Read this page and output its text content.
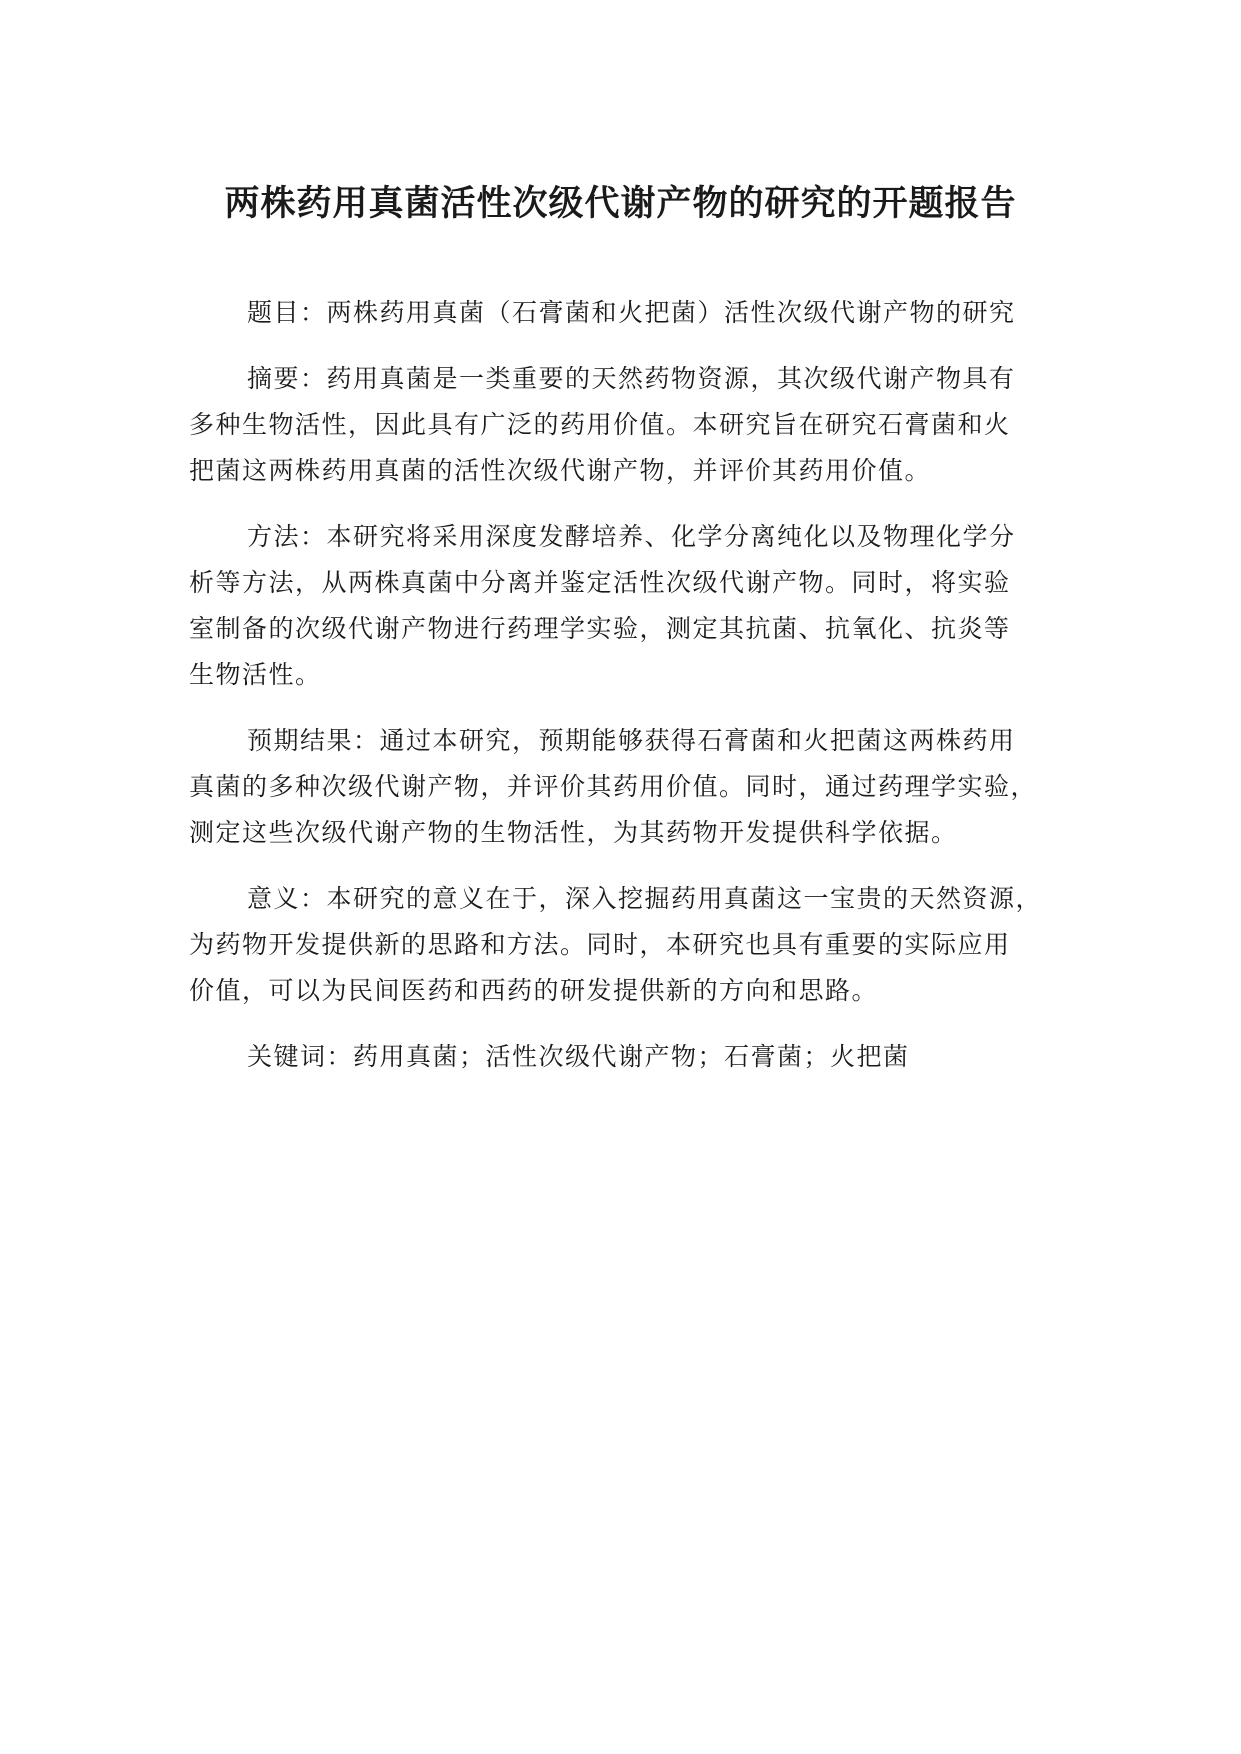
两株药用真菌活性次级代谢产物的研究的开题报告

题目：两株药用真菌（石膏菌和火把菌）活性次级代谢产物的研究

摘要：药用真菌是一类重要的天然药物资源，其次级代谢产物具有
多种生物活性，因此具有广泛的药用价值。本研究旨在研究石膏菌和火
把菌这两株药用真菌的活性次级代谢产物，并评价其药用价值。

方法：本研究将采用深度发酵培养、化学分离纯化以及物理化学分
析等方法，从两株真菌中分离并鉴定活性次级代谢产物。同时，将实验
室制备的次级代谢产物进行药理学实验，测定其抗菌、抗氧化、抗炎等
生物活性。

预期结果：通过本研究，预期能够获得石膏菌和火把菌这两株药用
真菌的多种次级代谢产物，并评价其药用价值。同时，通过药理学实验，
测定这些次级代谢产物的生物活性，为其药物开发提供科学依据。

意义：本研究的意义在于，深入挖掘药用真菌这一宝贵的天然资源，
为药物开发提供新的思路和方法。同时，本研究也具有重要的实际应用
价值，可以为民间医药和西药的研发提供新的方向和思路。

关键词：药用真菌；活性次级代谢产物；石膏菌；火把菌
